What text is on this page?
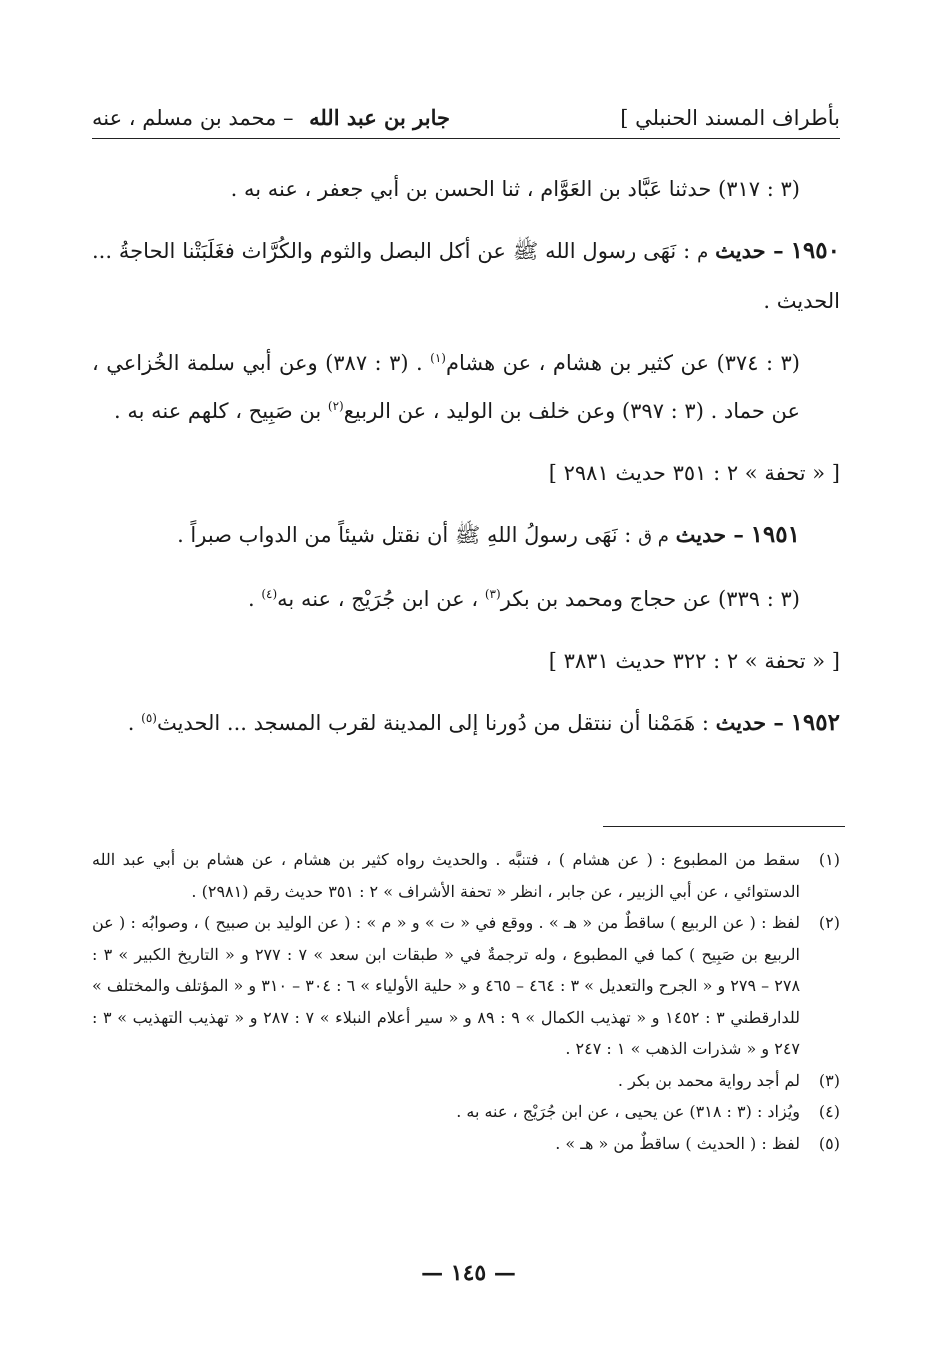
بأطراف المسند الحنبلي ]
جابر بن عبد الله
– محمد بن مسلم ، عنه

(٣ : ٣١٧) حدثنا عَبَّاد بن العَوَّام ، ثنا الحسن بن أبي جعفر ، عنه به .

١٩٥٠ – حديث م : نَهَى رسول الله ﷺ عن أكل البصل والثوم والكُرَّاث فغَلَبَتْنا الحاجةُ ... الحديث .

(٣ : ٣٧٤) عن كثير بن هشام ، عن هشام$^{(١)}$ . (٣ : ٣٨٧) وعن أبي سلمة الخُزاعي ، عن حماد . (٣ : ٣٩٧) وعن خلف بن الوليد ، عن الربيع$^{(٢)}$ بن صَبِيح ، كلهم عنه به .

[ « تحفة » ٢ : ٣٥١ حديث ٢٩٨١ ]

١٩٥١ – حديث م ق : نَهَى رسولُ اللهِ ﷺ أن نقتل شيئاً من الدواب صبراً .

(٣ : ٣٣٩) عن حجاج ومحمد بن بكر$^{(٣)}$ ، عن ابن جُرَيْج ، عنه به$^{(٤)}$ .

[ « تحفة » ٢ : ٣٢٢ حديث ٣٨٣١ ]

١٩٥٢ – حديث : هَمَمْنا أن ننتقل من دُورنا إلى المدينة لقرب المسجد ... الحديث$^{(٥)}$ .

(١)
سقط من المطبوع : ( عن هشام ) ، فتنبَّه . والحديث رواه كثير بن هشام ، عن هشام بن أبي عبد الله الدستوائي ، عن أبي الزبير ، عن جابر ، انظر « تحفة الأشراف » ٢ : ٣٥١ حديث رقم (٢٩٨١) .
(٢)
لفظ : ( عن الربيع ) ساقطٌ من « هـ » . ووقع في « ت » و « م » : ( عن الوليد بن صبيح ) ، وصوابُه : ( عن الربيع بن صَبِيح ) كما في المطبوع ، وله ترجمةٌ في « طبقات ابن سعد » ٧ : ٢٧٧ و « التاريخ الكبير » ٣ : ٢٧٨ – ٢٧٩ و « الجرح والتعديل » ٣ : ٤٦٤ – ٤٦٥ و « حلية الأولياء » ٦ : ٣٠٤ – ٣١٠ و « المؤتلف والمختلف » للدارقطني ٣ : ١٤٥٢ و « تهذيب الكمال » ٩ : ٨٩ و « سير أعلام النبلاء » ٧ : ٢٨٧ و « تهذيب التهذيب » ٣ : ٢٤٧ و « شذرات الذهب » ١ : ٢٤٧ .
(٣)
لم أجد رواية محمد بن بكر .
(٤)
ويُزاد : (٣ : ٣١٨) عن يحيى ، عن ابن جُرَيْج ، عنه به .
(٥)
لفظ : ( الحديث ) ساقطٌ من « هـ » .
— ١٤٥ —
